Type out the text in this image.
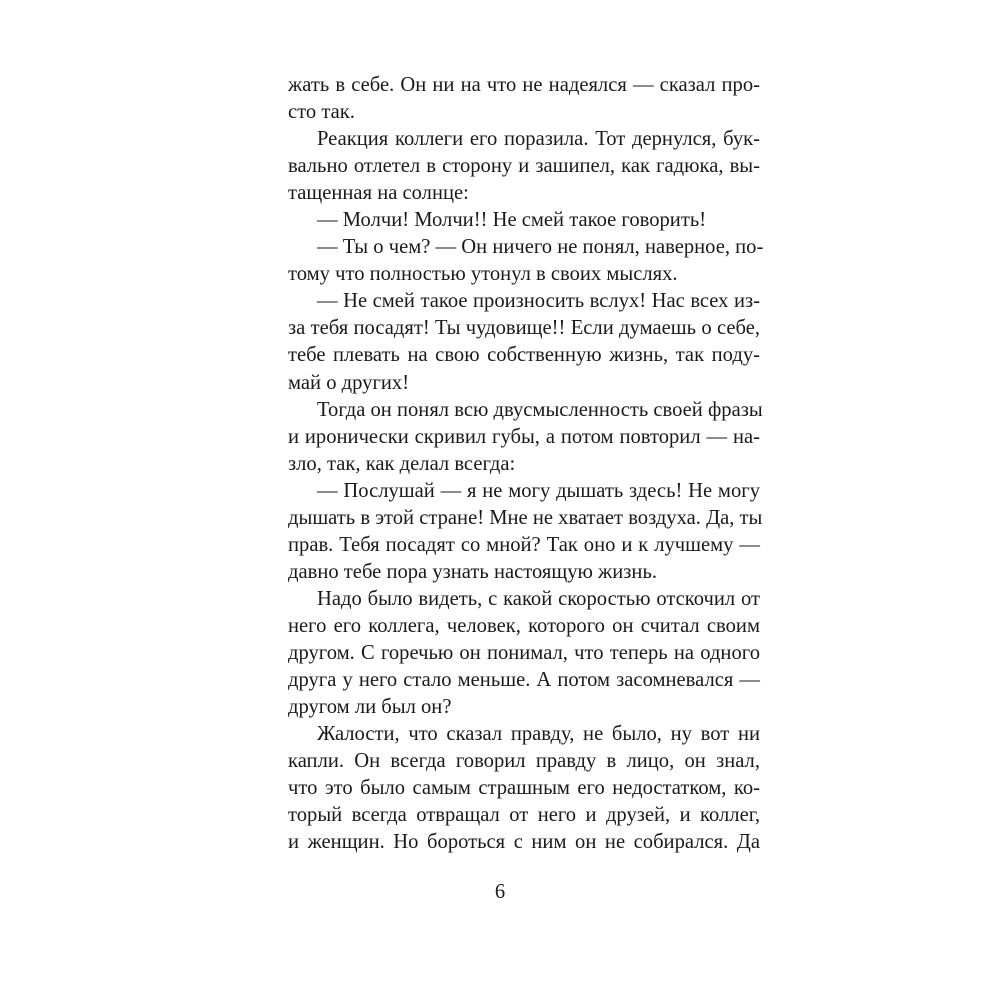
жать в себе. Он ни на что не надеялся — сказал про-
сто так.
Реакция коллеги его поразила. Тот дернулся, бук-
вально отлетел в сторону и зашипел, как гадюка, вы-
тащенная на солнце:
— Молчи! Молчи!! Не смей такое говорить!
— Ты о чем? — Он ничего не понял, наверное, по-
тому что полностью утонул в своих мыслях.
— Не смей такое произносить вслух! Нас всех из-
за тебя посадят! Ты чудовище!! Если думаешь о себе,
тебе плевать на свою собственную жизнь, так поду-
май о других!
Тогда он понял всю двусмысленность своей фразы
и иронически скривил губы, а потом повторил — на-
зло, так, как делал всегда:
— Послушай — я не могу дышать здесь! Не могу
дышать в этой стране! Мне не хватает воздуха. Да, ты
прав. Тебя посадят со мной? Так оно и к лучшему —
давно тебе пора узнать настоящую жизнь.
Надо было видеть, с какой скоростью отскочил от
него его коллега, человек, которого он считал своим
другом. С горечью он понимал, что теперь на одного
друга у него стало меньше. А потом засомневался —
другом ли был он?
Жалости, что сказал правду, не было, ну вот ни
капли. Он всегда говорил правду в лицо, он знал,
что это было самым страшным его недостатком, ко-
торый всегда отвращал от него и друзей, и коллег,
и женщин. Но бороться с ним он не собирался. Да
6
